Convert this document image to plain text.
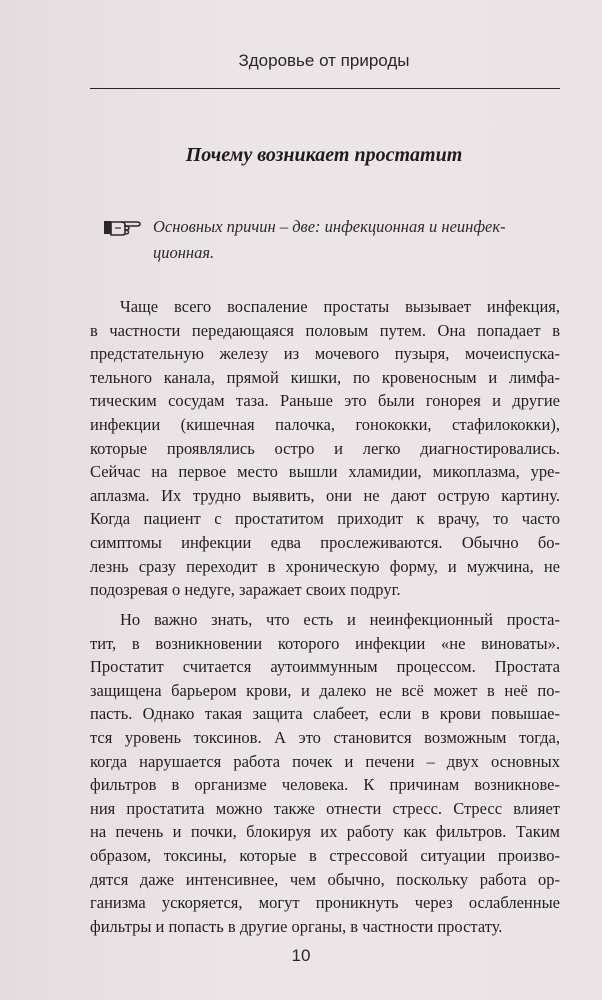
Здоровье от природы
Почему возникает простатит
Основных причин – две: инфекционная и неинфек-
ционная.
Чаще всего воспаление простаты вызывает инфекция,
в частности передающаяся половым путем. Она попадает в
предстательную железу из мочевого пузыря, мочеиспуска-
тельного канала, прямой кишки, по кровеносным и лимфа-
тическим сосудам таза. Раньше это были гонорея и другие
инфекции (кишечная палочка, гонококки, стафилококки),
которые проявлялись остро и легко диагностировались.
Сейчас на первое место вышли хламидии, микоплазма, уре-
аплазма. Их трудно выявить, они не дают острую картину.
Когда пациент с простатитом приходит к врачу, то часто
симптомы инфекции едва прослеживаются. Обычно бо-
лезнь сразу переходит в хроническую форму, и мужчина, не
подозревая о недуге, заражает своих подруг.
Но важно знать, что есть и неинфекционный проста-
тит, в возникновении которого инфекции «не виноваты».
Простатит считается аутоиммунным процессом. Простата
защищена барьером крови, и далеко не всё может в неё по-
пасть. Однако такая защита слабеет, если в крови повышае-
тся уровень токсинов. А это становится возможным тогда,
когда нарушается работа почек и печени – двух основных
фильтров в организме человека. К причинам возникнове-
ния простатита можно также отнести стресс. Стресс влияет
на печень и почки, блокируя их работу как фильтров. Таким
образом, токсины, которые в стрессовой ситуации произво-
дятся даже интенсивнее, чем обычно, поскольку работа ор-
ганизма ускоряется, могут проникнуть через ослабленные
фильтры и попасть в другие органы, в частности простату.
10
